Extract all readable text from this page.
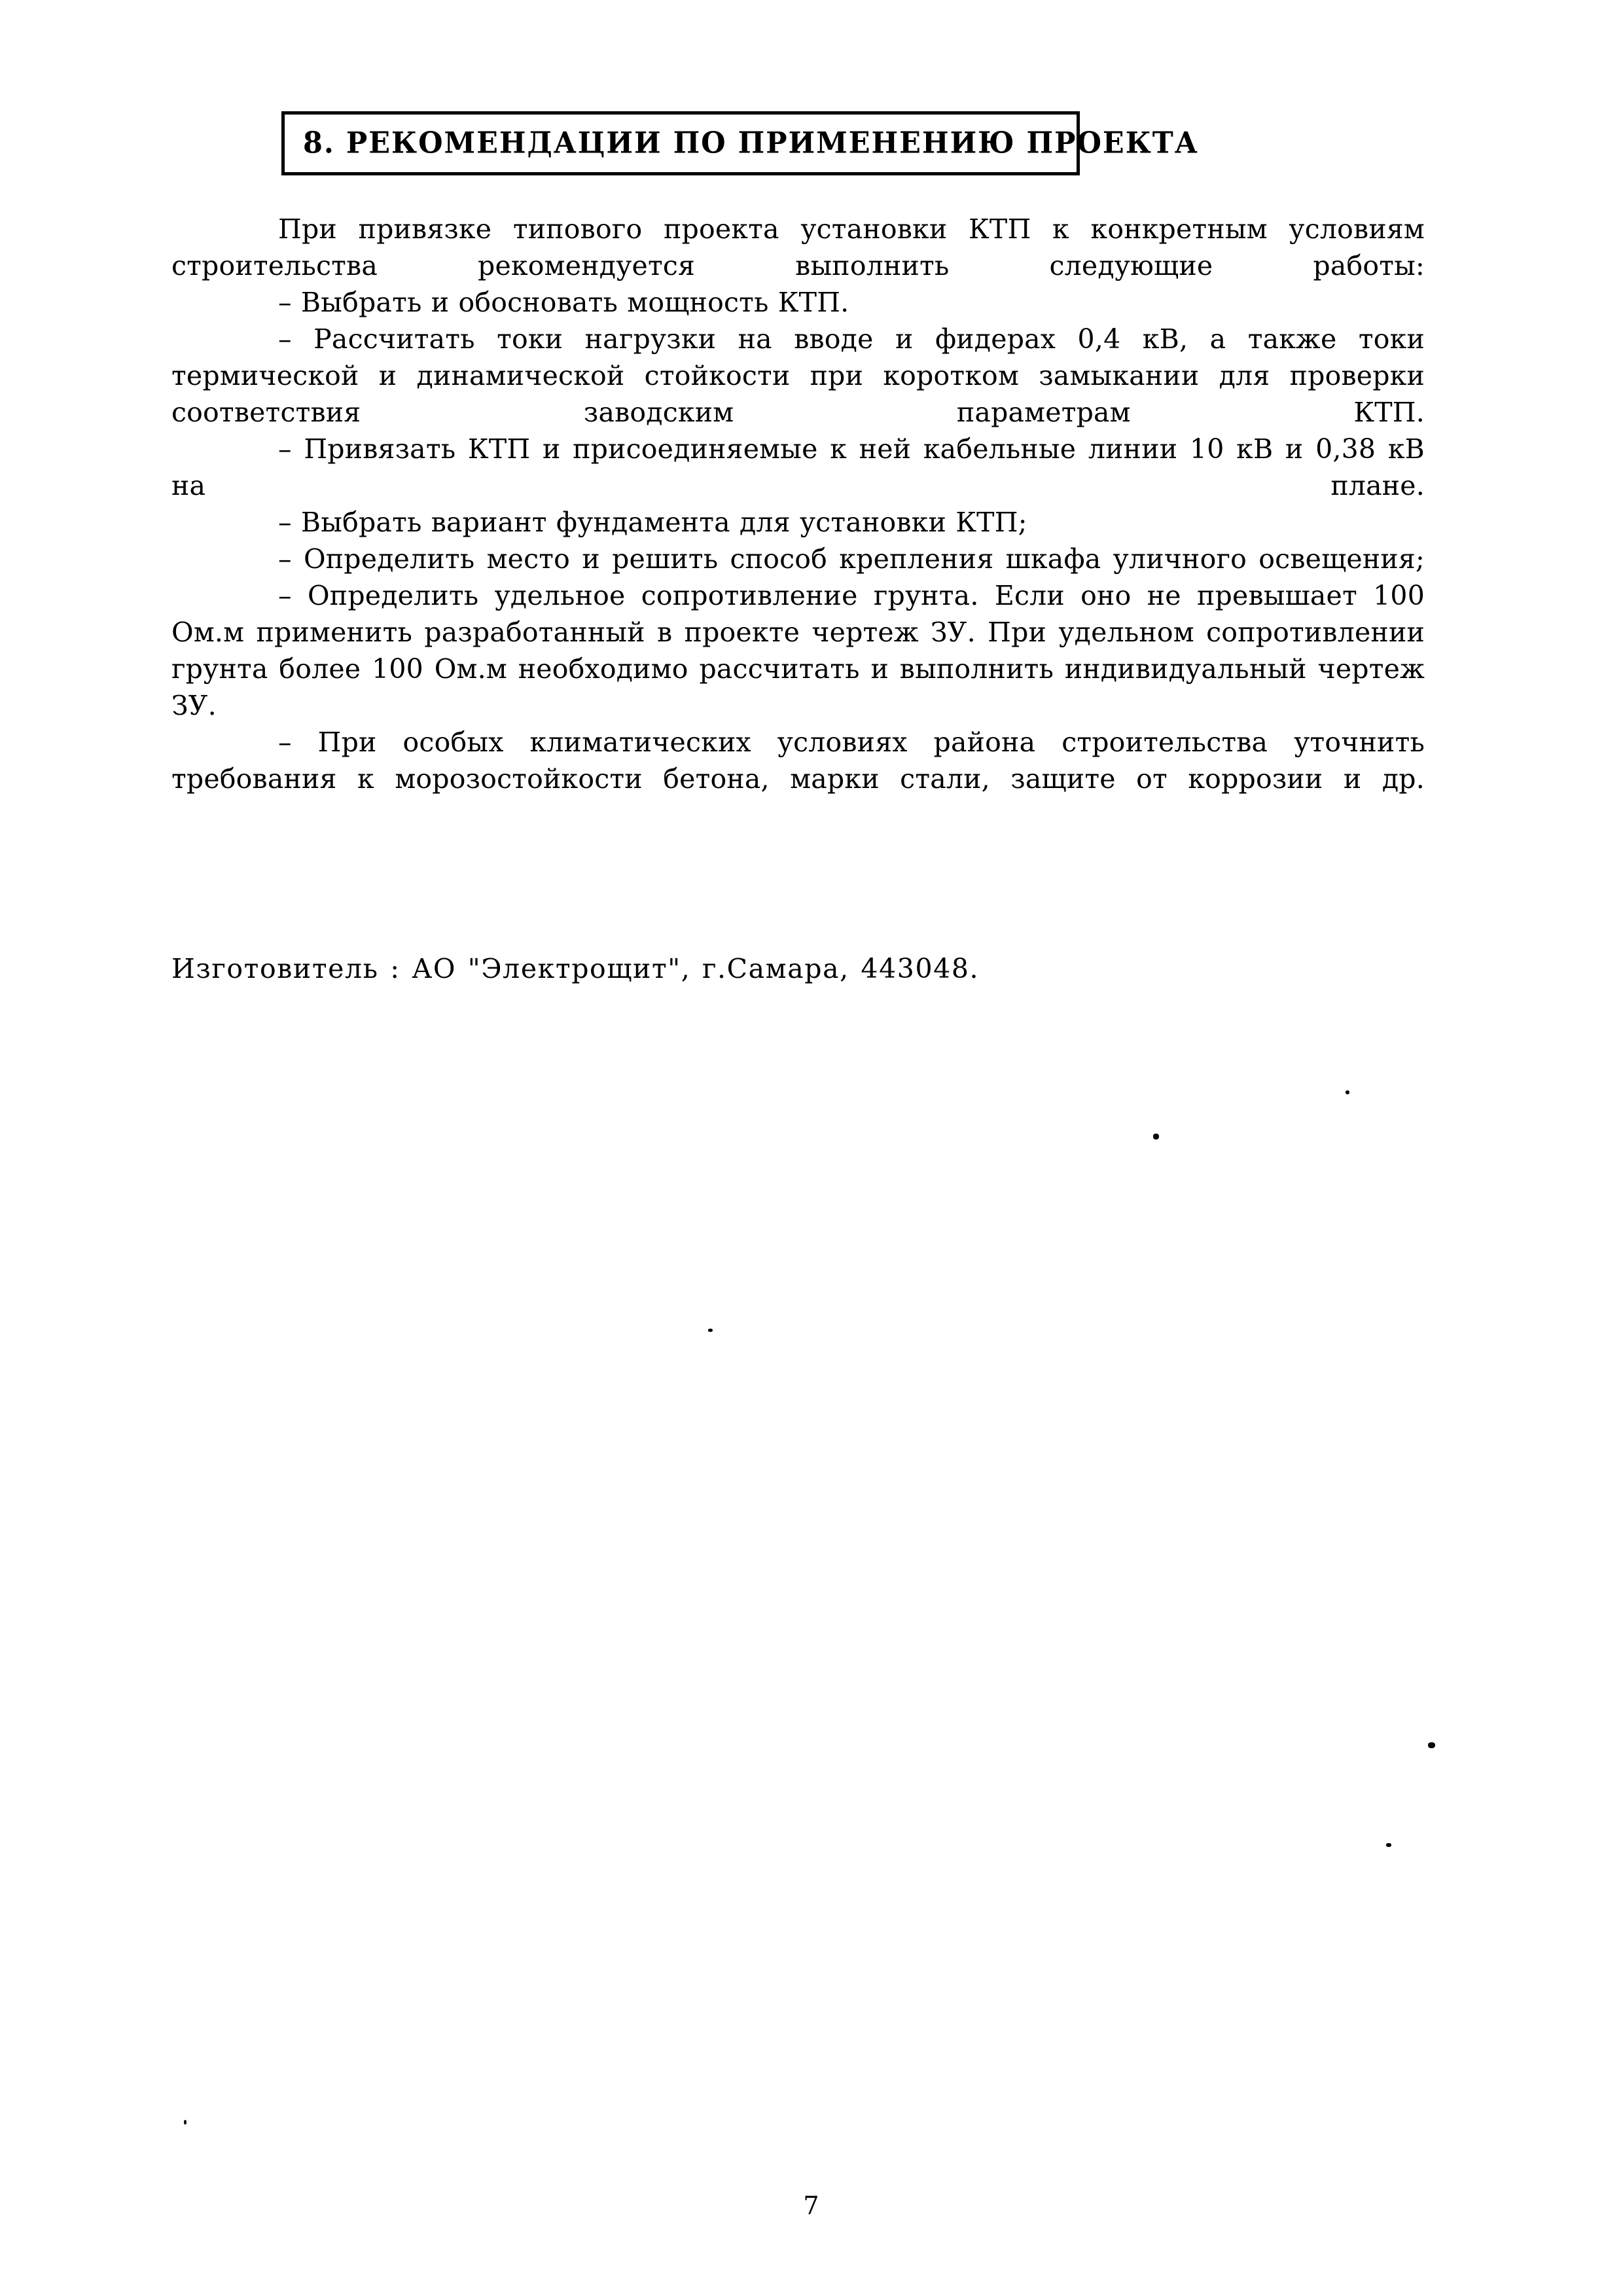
8. РЕКОМЕНДАЦИИ ПО ПРИМЕНЕНИЮ ПРОЕКТА

При привязке типового проекта установки КТП к конкретным условиям строительства рекомендуется выполнить следующие работы:

– Выбрать и обосновать мощность КТП.

– Рассчитать токи нагрузки на вводе и фидерах 0,4 кВ, а также токи термической и динамической стойкости при коротком замыкании для проверки соответствия заводским параметрам КТП.

– Привязать КТП и присоединяемые к ней кабельные линии 10 кВ и 0,38 кВ на плане.

– Выбрать вариант фундамента для установки КТП;

– Определить место и решить способ крепления шкафа уличного освещения;

– Определить удельное сопротивление грунта. Если оно не превышает 100 Ом.м применить разработанный в проекте чертеж ЗУ. При удельном сопротивлении грунта более 100 Ом.м необходимо рассчитать и выполнить индивидуальный чертеж ЗУ.

– При особых климатических условиях района строительства уточнить требования к морозостойкости бетона, марки стали, защите от коррозии и др.

Изготовитель : АО "Электрощит", г.Самара, 443048.
7
